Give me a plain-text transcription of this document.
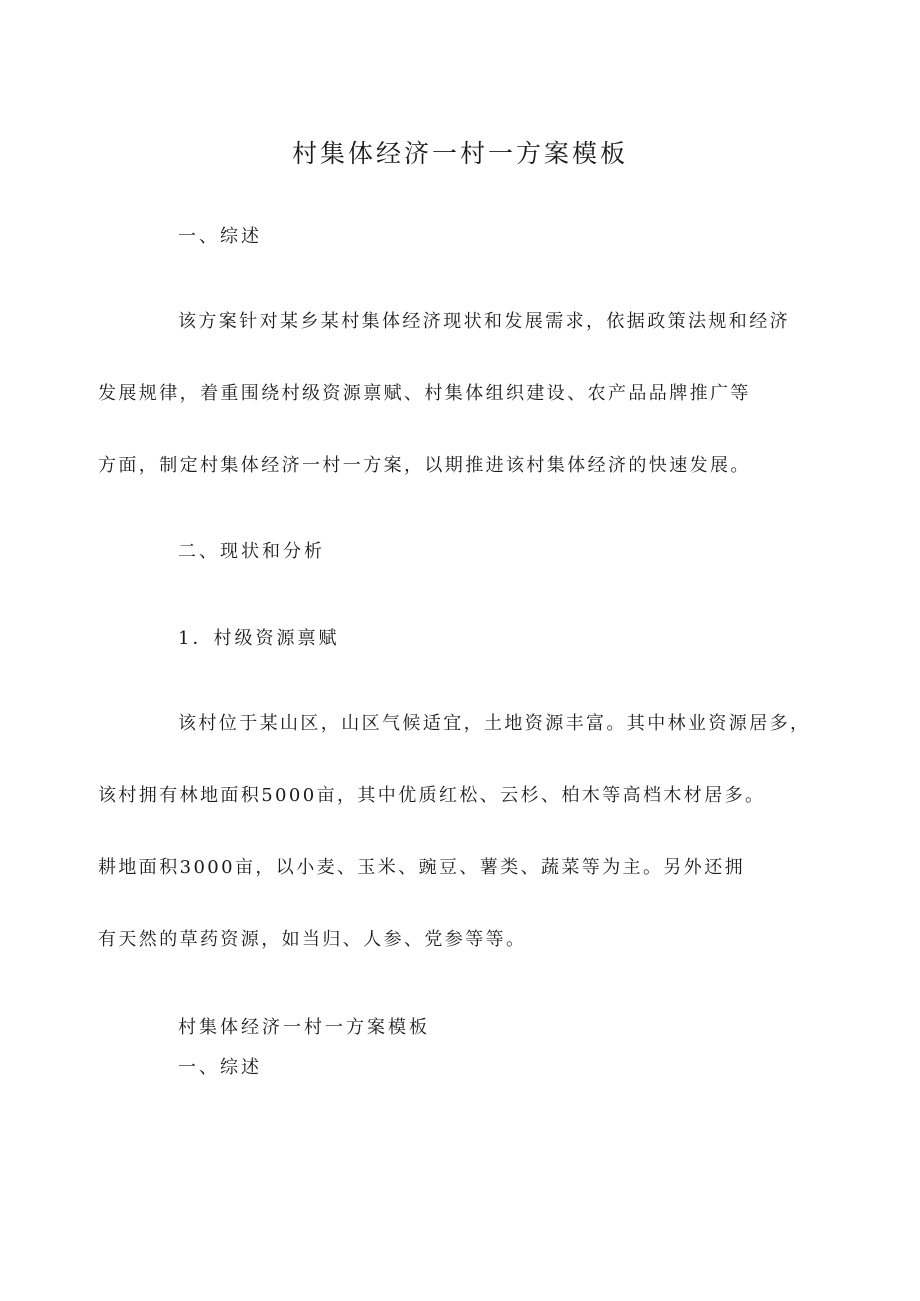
村集体经济一村一方案模板

一、综述

该方案针对某乡某村集体经济现状和发展需求，依据政策法规和经济
发展规律，着重围绕村级资源禀赋、村集体组织建设、农产品品牌推广等
方面，制定村集体经济一村一方案，以期推进该村集体经济的快速发展。

二、现状和分析

1．村级资源禀赋

该村位于某山区，山区气候适宜，土地资源丰富。其中林业资源居多，
该村拥有林地面积5000亩，其中优质红松、云杉、柏木等高档木材居多。
耕地面积3000亩，以小麦、玉米、豌豆、薯类、蔬菜等为主。另外还拥
有天然的草药资源，如当归、人参、党参等等。

村集体经济一村一方案模板

一、综述
